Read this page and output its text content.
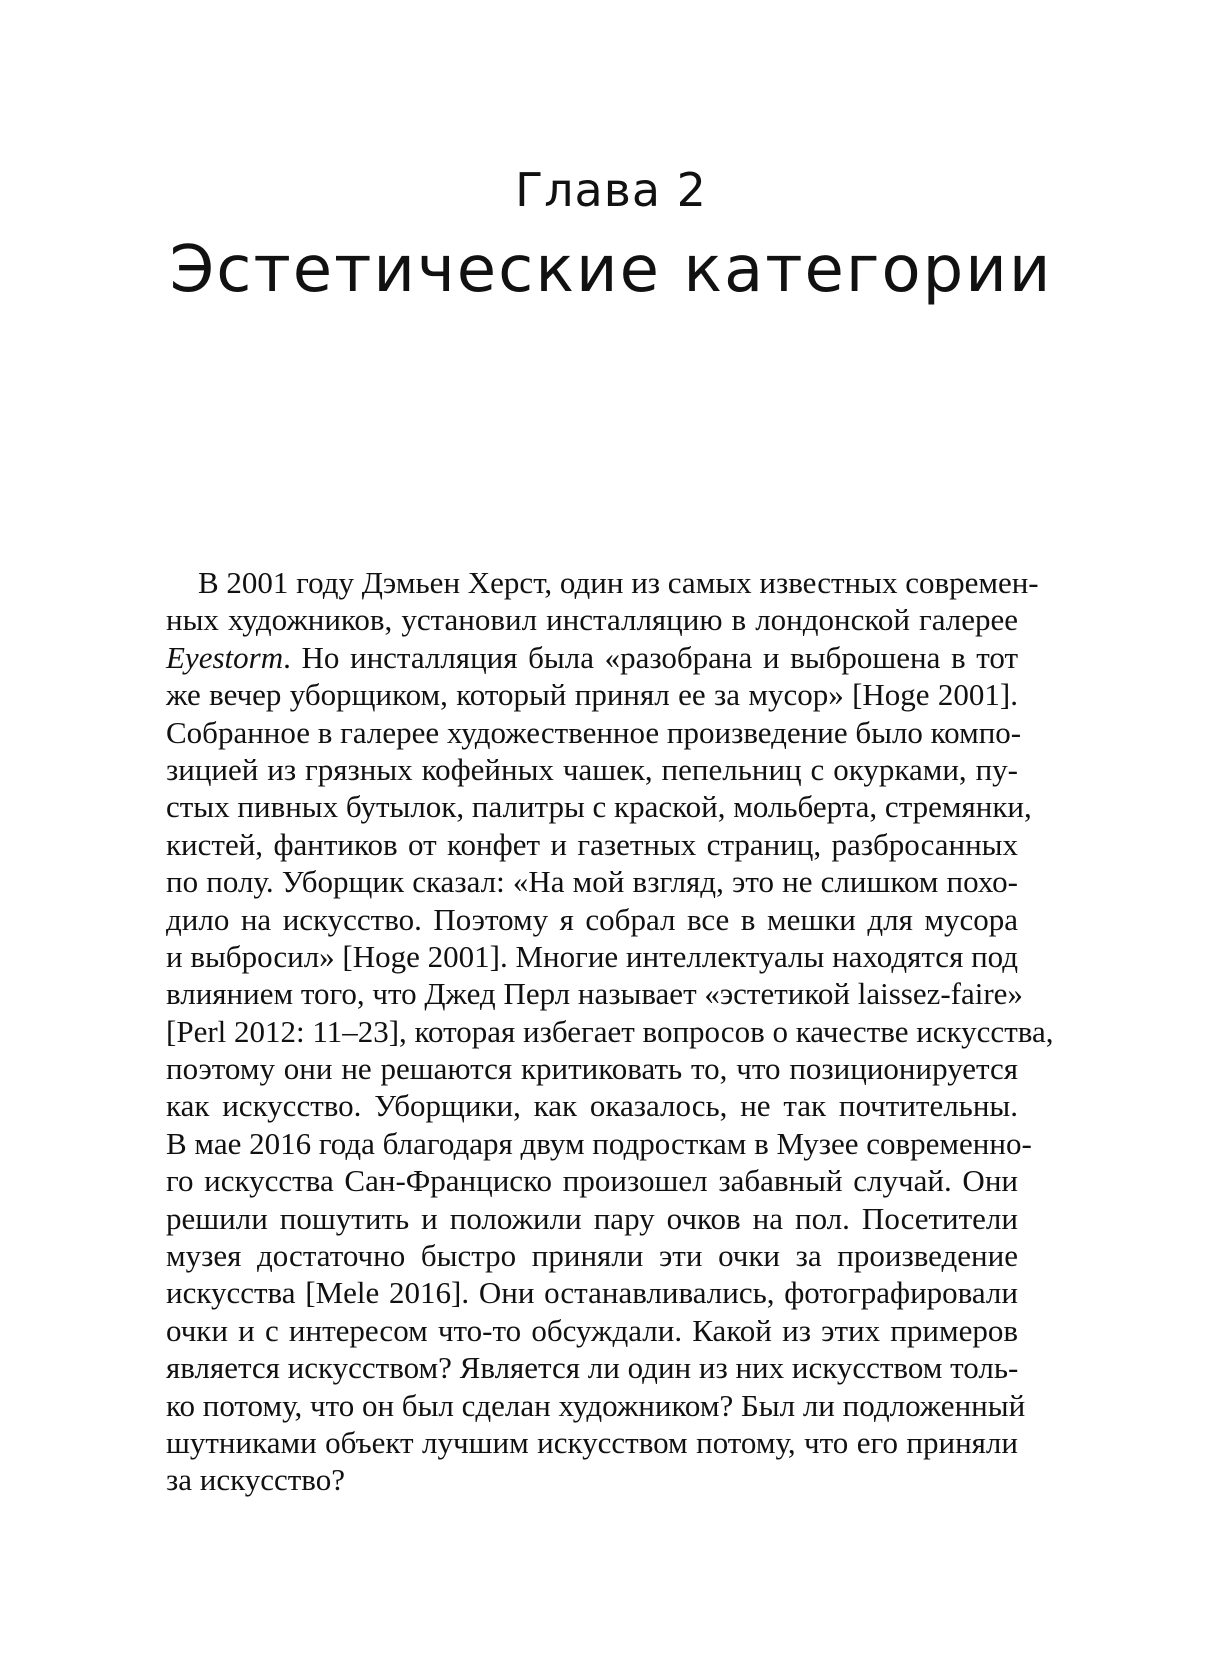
Глава 2
Эстетические категории
В 2001 году Дэмьен Херст, один из самых известных современ-
ных художников, установил инсталляцию в лондонской галерее
Eyestorm. Но инсталляция была «разобрана и выброшена в тот
же вечер уборщиком, который принял ее за мусор» [Hoge 2001].
Собранное в галерее художественное произведение было компо-
зицией из грязных кофейных чашек, пепельниц с окурками, пу-
стых пивных бутылок, палитры с краской, мольберта, стремянки,
кистей, фантиков от конфет и газетных страниц, разбросанных
по полу. Уборщик сказал: «На мой взгляд, это не слишком похо-
дило на искусство. Поэтому я собрал все в мешки для мусора
и выбросил» [Hoge 2001]. Многие интеллектуалы находятся под
влиянием того, что Джед Перл называет «эстетикой laissez-faire»
[Perl 2012: 11–23], которая избегает вопросов о качестве искусства,
поэтому они не решаются критиковать то, что позиционируется
как искусство. Уборщики, как оказалось, не так почтительны.
В мае 2016 года благодаря двум подросткам в Музее современно-
го искусства Сан-Франциско произошел забавный случай. Они
решили пошутить и положили пару очков на пол. Посетители
музея достаточно быстро приняли эти очки за произведение
искусства [Mele 2016]. Они останавливались, фотографировали
очки и с интересом что-то обсуждали. Какой из этих примеров
является искусством? Является ли один из них искусством толь-
ко потому, что он был сделан художником? Был ли подложенный
шутниками объект лучшим искусством потому, что его приняли
за искусство?
